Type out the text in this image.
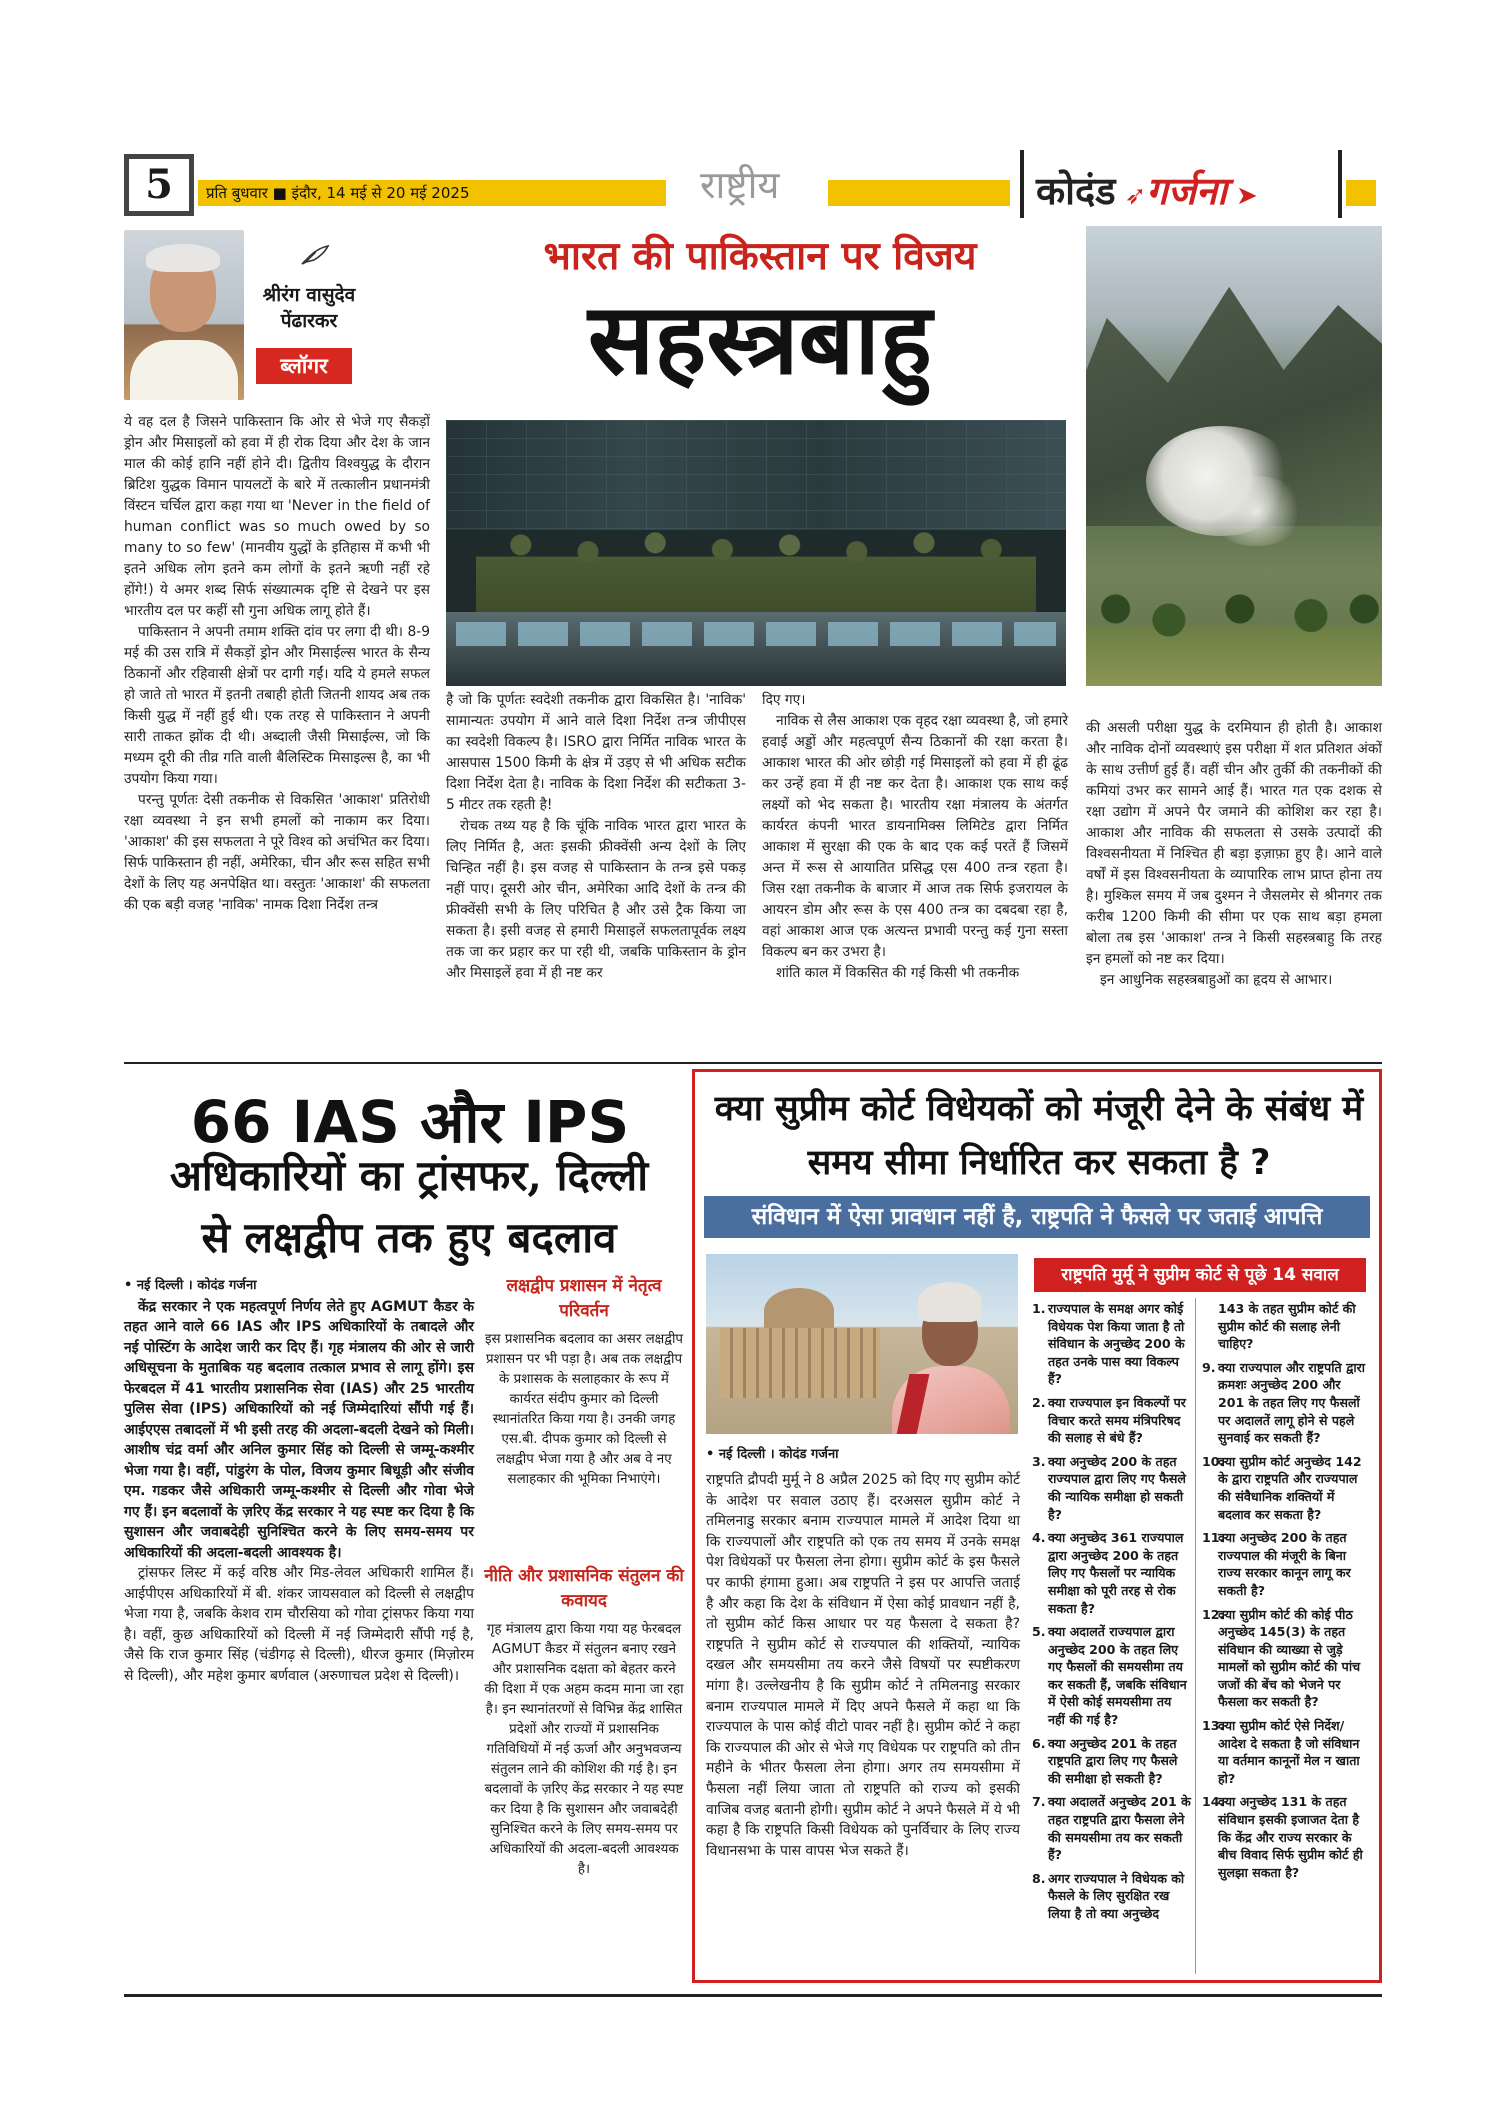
5	प्रति बुधवार ■ इंदौर, 14 मई से 20 मई 2025	राष्ट्रीय	कोदंड ➶गर्जना ➤
श्रीरंग वासुदेव पेंढारकर
ब्लॉगर
भारत की पाकिस्तान पर विजय
सहस्त्रबाहु

ये वह दल है जिसने पाकिस्तान कि ओर से भेजे गए सैकड़ों ड्रोन और मिसाइलों को हवा में ही रोक दिया और देश के जान माल की कोई हानि नहीं होने दी। द्वितीय विश्वयुद्ध के दौरान ब्रिटिश युद्धक विमान पायलटों के बारे में तत्कालीन प्रधानमंत्री विंस्टन चर्चिल द्वारा कहा गया था 'Never in the field of human conflict was so much owed by so many to so few' (मानवीय युद्धों के इतिहास में कभी भी इतने अधिक लोग इतने कम लोगों के इतने ऋणी नहीं रहे होंगे!) ये अमर शब्द सिर्फ संख्यात्मक दृष्टि से देखने पर इस भारतीय दल पर कहीं सौ गुना अधिक लागू होते हैं।

पाकिस्तान ने अपनी तमाम शक्ति दांव पर लगा दी थी। 8-9 मई की उस रात्रि में सैकड़ों ड्रोन और मिसाईल्स भारत के सैन्य ठिकानों और रहिवासी क्षेत्रों पर दागी गईं। यदि ये हमले सफल हो जाते तो भारत में इतनी तबाही होती जितनी शायद अब तक किसी युद्ध में नहीं हुई थी। एक तरह से पाकिस्तान ने अपनी सारी ताकत झोंक दी थी। अब्दाली जैसी मिसाईल्स, जो कि मध्यम दूरी की तीव्र गति वाली बैलिस्टिक मिसाइल्स है, का भी उपयोग किया गया।

परन्तु पूर्णतः देसी तकनीक से विकसित 'आकाश' प्रतिरोधी रक्षा व्यवस्था ने इन सभी हमलों को नाकाम कर दिया। 'आकाश' की इस सफलता ने पूरे विश्व को अचंभित कर दिया। सिर्फ पाकिस्तान ही नहीं, अमेरिका, चीन और रूस सहित सभी देशों के लिए यह अनपेक्षित था। वस्तुतः 'आकाश' की सफलता की एक बड़ी वजह 'नाविक' नामक दिशा निर्देश तन्त्र

है जो कि पूर्णतः स्वदेशी तकनीक द्वारा विकसित है। 'नाविक' सामान्यतः उपयोग में आने वाले दिशा निर्देश तन्त्र जीपीएस का स्वदेशी विकल्प है। ISRO द्वारा निर्मित नाविक भारत के आसपास 1500 किमी के क्षेत्र में उड़ए से भी अधिक सटीक दिशा निर्देश देता है। नाविक के दिशा निर्देश की सटीकता 3-5 मीटर तक रहती है!

रोचक तथ्य यह है कि चूंकि नाविक भारत द्वारा भारत के लिए निर्मित है, अतः इसकी फ्रीक्वेंसी अन्य देशों के लिए चिन्हित नहीं है। इस वजह से पाकिस्तान के तन्त्र इसे पकड़ नहीं पाए। दूसरी ओर चीन, अमेरिका आदि देशों के तन्त्र की फ्रीक्वेंसी सभी के लिए परिचित है और उसे ट्रैक किया जा सकता है। इसी वजह से हमारी मिसाइलें सफलतापूर्वक लक्ष्य तक जा कर प्रहार कर पा रही थी, जबकि पाकिस्तान के ड्रोन और मिसाइलें हवा में ही नष्ट कर

दिए गए।

नाविक से लैस आकाश एक वृहद रक्षा व्यवस्था है, जो हमारे हवाई अड्डों और महत्वपूर्ण सैन्य ठिकानों की रक्षा करता है। आकाश भारत की ओर छोड़ी गई मिसाइलों को हवा में ही ढूंढ कर उन्हें हवा में ही नष्ट कर देता है। आकाश एक साथ कई लक्ष्यों को भेद सकता है। भारतीय रक्षा मंत्रालय के अंतर्गत कार्यरत कंपनी भारत डायनामिक्स लिमिटेड द्वारा निर्मित आकाश में सुरक्षा की एक के बाद एक कई परतें हैं जिसमें अन्त में रूस से आयातित प्रसिद्ध एस 400 तन्त्र रहता है। जिस रक्षा तकनीक के बाजार में आज तक सिर्फ इजरायल के आयरन डोम और रूस के एस 400 तन्त्र का दबदबा रहा है, वहां आकाश आज एक अत्यन्त प्रभावी परन्तु कई गुना सस्ता विकल्प बन कर उभरा है।

शांति काल में विकसित की गई किसी भी तकनीक

की असली परीक्षा युद्ध के दरमियान ही होती है। आकाश और नाविक दोनों व्यवस्थाएं इस परीक्षा में शत प्रतिशत अंकों के साथ उत्तीर्ण हुई हैं। वहीं चीन और तुर्की की तकनीकों की कमियां उभर कर सामने आई हैं। भारत गत एक दशक से रक्षा उद्योग में अपने पैर जमाने की कोशिश कर रहा है। आकाश और नाविक की सफलता से उसके उत्पादों की विश्वसनीयता में निश्चित ही बड़ा इज़ाफ़ा हुए है। आने वाले वर्षों में इस विश्वसनीयता के व्यापारिक लाभ प्राप्त होना तय है। मुश्किल समय में जब दुश्मन ने जैसलमेर से श्रीनगर तक करीब 1200 किमी की सीमा पर एक साथ बड़ा हमला बोला तब इस 'आकाश' तन्त्र ने किसी सहस्त्रबाहु कि तरह इन हमलों को नष्ट कर दिया।

इन आधुनिक सहस्त्रबाहुओं का हृदय से आभार।

66 IAS और IPS
अधिकारियों का ट्रांसफर, दिल्ली
से लक्षद्वीप तक हुए बदलाव

• नई दिल्ली । कोदंड गर्जना

केंद्र सरकार ने एक महत्वपूर्ण निर्णय लेते हुए AGMUT कैडर के तहत आने वाले 66 IAS और IPS अधिकारियों के तबादले और नई पोस्टिंग के आदेश जारी कर दिए हैं। गृह मंत्रालय की ओर से जारी अधिसूचना के मुताबिक यह बदलाव तत्काल प्रभाव से लागू होंगे। इस फेरबदल में 41 भारतीय प्रशासनिक सेवा (IAS) और 25 भारतीय पुलिस सेवा (IPS) अधिकारियों को नई जिम्मेदारियां सौंपी गई हैं। आईएएस तबादलों में भी इसी तरह की अदला-बदली देखने को मिली। आशीष चंद्र वर्मा और अनिल कुमार सिंह को दिल्ली से जम्मू-कश्मीर भेजा गया है। वहीं, पांडुरंग के पोल, विजय कुमार बिधूड़ी और संजीव एम. गडकर जैसे अधिकारी जम्मू-कश्मीर से दिल्ली और गोवा भेजे गए हैं। इन बदलावों के ज़रिए केंद्र सरकार ने यह स्पष्ट कर दिया है कि सुशासन और जवाबदेही सुनिश्चित करने के लिए समय-समय पर अधिकारियों की अदला-बदली आवश्यक है।

ट्रांसफर लिस्ट में कई वरिष्ठ और मिड-लेवल अधिकारी शामिल हैं। आईपीएस अधिकारियों में बी. शंकर जायसवाल को दिल्ली से लक्षद्वीप भेजा गया है, जबकि केशव राम चौरसिया को गोवा ट्रांसफर किया गया है। वहीं, कुछ अधिकारियों को दिल्ली में नई जिम्मेदारी सौंपी गई है, जैसे कि राज कुमार सिंह (चंडीगढ़ से दिल्ली), धीरज कुमार (मिज़ोरम से दिल्ली), और महेश कुमार बर्णवाल (अरुणाचल प्रदेश से दिल्ली)।

लक्षद्वीप प्रशासन में नेतृत्व परिवर्तन
इस प्रशासनिक बदलाव का असर लक्षद्वीप प्रशासन पर भी पड़ा है। अब तक लक्षद्वीप के प्रशासक के सलाहकार के रूप में कार्यरत संदीप कुमार को दिल्ली स्थानांतरित किया गया है। उनकी जगह एस.बी. दीपक कुमार को दिल्ली से लक्षद्वीप भेजा गया है और अब वे नए सलाहकार की भूमिका निभाएंगे।
नीति और प्रशासनिक संतुलन की कवायद
गृह मंत्रालय द्वारा किया गया यह फेरबदल AGMUT कैडर में संतुलन बनाए रखने और प्रशासनिक दक्षता को बेहतर करने की दिशा में एक अहम कदम माना जा रहा है। इन स्थानांतरणों से विभिन्न केंद्र शासित प्रदेशों और राज्यों में प्रशासनिक गतिविधियों में नई ऊर्जा और अनुभवजन्य संतुलन लाने की कोशिश की गई है। इन बदलावों के ज़रिए केंद्र सरकार ने यह स्पष्ट कर दिया है कि सुशासन और जवाबदेही सुनिश्चित करने के लिए समय-समय पर अधिकारियों की अदला-बदली आवश्यक है।
क्या सुप्रीम कोर्ट विधेयकों को मंजूरी देने के संबंध में समय सीमा निर्धारित कर सकता है ?
संविधान में ऐसा प्रावधान नहीं है, राष्ट्रपति ने फैसले पर जताई आपत्ति
• नई दिल्ली । कोदंड गर्जना
राष्ट्रपति द्रौपदी मुर्मू ने 8 अप्रैल 2025 को दिए गए सुप्रीम कोर्ट के आदेश पर सवाल उठाए हैं। दरअसल सुप्रीम कोर्ट ने तमिलनाडु सरकार बनाम राज्यपाल मामले में आदेश दिया था कि राज्यपालों और राष्ट्रपति को एक तय समय में उनके समक्ष पेश विधेयकों पर फैसला लेना होगा। सुप्रीम कोर्ट के इस फैसले पर काफी हंगामा हुआ। अब राष्ट्रपति ने इस पर आपत्ति जताई है और कहा कि देश के संविधान में ऐसा कोई प्रावधान नहीं है, तो सुप्रीम कोर्ट किस आधार पर यह फैसला दे सकता है? राष्ट्रपति ने सुप्रीम कोर्ट से राज्यपाल की शक्तियों, न्यायिक दखल और समयसीमा तय करने जैसे विषयों पर स्पष्टीकरण मांगा है। उल्लेखनीय है कि सुप्रीम कोर्ट ने तमिलनाडु सरकार बनाम राज्यपाल मामले में दिए अपने फैसले में कहा था कि राज्यपाल के पास कोई वीटो पावर नहीं है। सुप्रीम कोर्ट ने कहा कि राज्यपाल की ओर से भेजे गए विधेयक पर राष्ट्रपति को तीन महीने के भीतर फैसला लेना होगा। अगर तय समयसीमा में फैसला नहीं लिया जाता तो राष्ट्रपति को राज्य को इसकी वाजिब वजह बतानी होगी। सुप्रीम कोर्ट ने अपने फैसले में ये भी कहा है कि राष्ट्रपति किसी विधेयक को पुनर्विचार के लिए राज्य विधानसभा के पास वापस भेज सकते हैं।
राष्ट्रपति मुर्मू ने सुप्रीम कोर्ट से पूछे 14 सवाल
1. राज्यपाल के समक्ष अगर कोई विधेयक पेश किया जाता है तो संविधान के अनुच्छेद 200 के तहत उनके पास क्या विकल्प हैं?
2. क्या राज्यपाल इन विकल्पों पर विचार करते समय मंत्रिपरिषद की सलाह से बंधे हैं?
3. क्या अनुच्छेद 200 के तहत राज्यपाल द्वारा लिए गए फैसले की न्यायिक समीक्षा हो सकती है?
4. क्या अनुच्छेद 361 राज्यपाल द्वारा अनुच्छेद 200 के तहत लिए गए फैसलों पर न्यायिक समीक्षा को पूरी तरह से रोक सकता है?
5. क्या अदालतें राज्यपाल द्वारा अनुच्छेद 200 के तहत लिए गए फैसलों की समयसीमा तय कर सकती हैं, जबकि संविधान में ऐसी कोई समयसीमा तय नहीं की गई है?
6. क्या अनुच्छेद 201 के तहत राष्ट्रपति द्वारा लिए गए फैसले की समीक्षा हो सकती है?
7. क्या अदालतें अनुच्छेद 201 के तहत राष्ट्रपति द्वारा फैसला लेने की समयसीमा तय कर सकती हैं?
8. अगर राज्यपाल ने विधेयक को फैसले के लिए सुरक्षित रख लिया है तो क्या अनुच्छेद
143 के तहत सुप्रीम कोर्ट की सुप्रीम कोर्ट की सलाह लेनी चाहिए?
9. क्या राज्यपाल और राष्ट्रपति द्वारा क्रमशः अनुच्छेद 200 और 201 के तहत लिए गए फैसलों पर अदालतें लागू होने से पहले सुनवाई कर सकती हैं?
10.क्या सुप्रीम कोर्ट अनुच्छेद 142 के द्वारा राष्ट्रपति और राज्यपाल की संवैधानिक शक्तियों में बदलाव कर सकता है?
11.क्या अनुच्छेद 200 के तहत राज्यपाल की मंजूरी के बिना राज्य सरकार कानून लागू कर सकती है?
12.क्या सुप्रीम कोर्ट की कोई पीठ अनुच्छेद 145(3) के तहत संविधान की व्याख्या से जुड़े मामलों को सुप्रीम कोर्ट की पांच जजों की बेंच को भेजने पर फैसला कर सकती है?
13.क्या सुप्रीम कोर्ट ऐसे निर्देश/आदेश दे सकता है जो संविधान या वर्तमान कानूनों मेल न खाता हो?
14.क्या अनुच्छेद 131 के तहत संविधान इसकी इजाजत देता है कि केंद्र और राज्य सरकार के बीच विवाद सिर्फ सुप्रीम कोर्ट ही सुलझा सकता है?
